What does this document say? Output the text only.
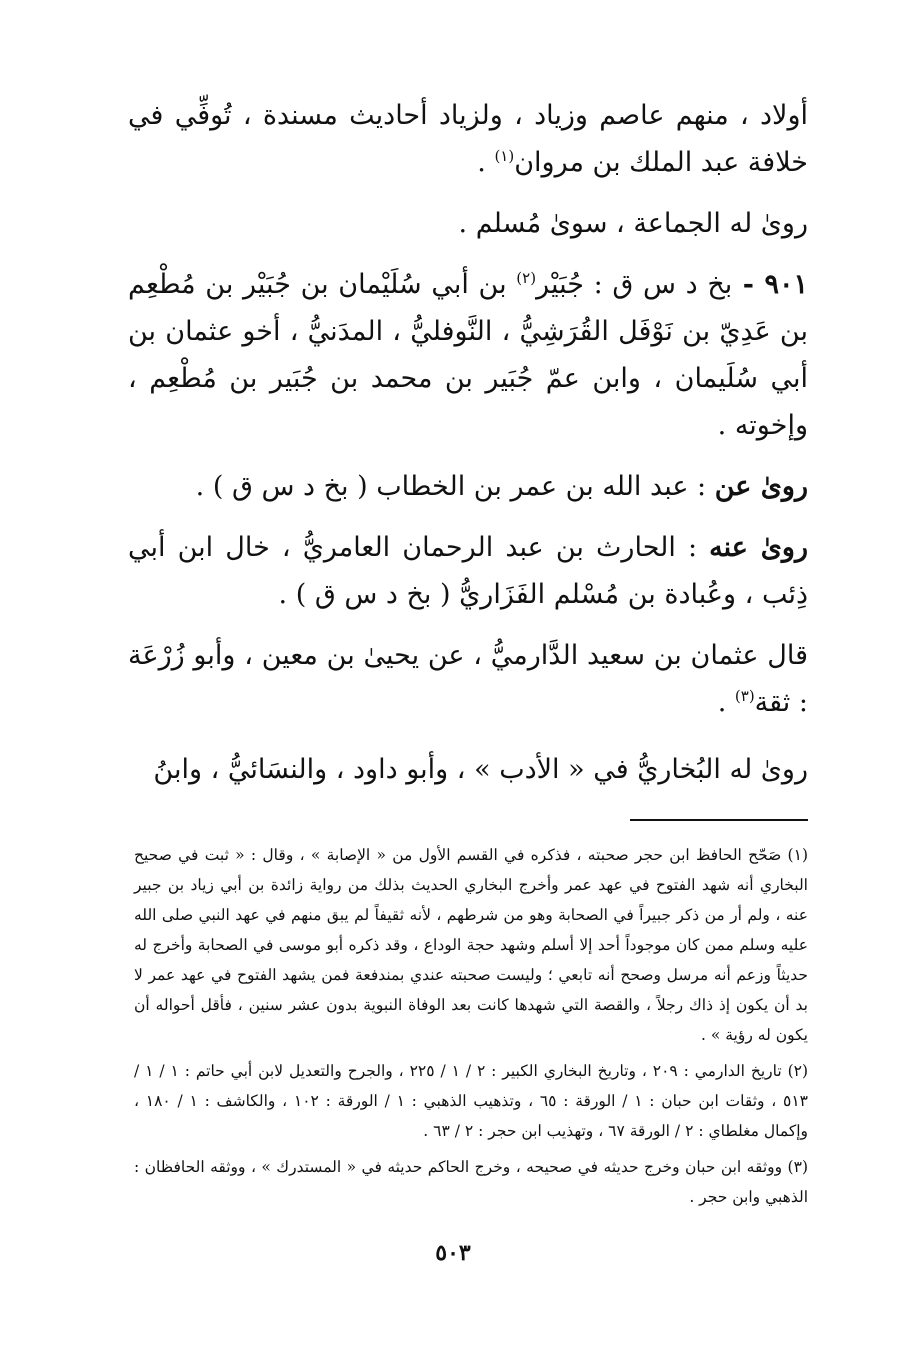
أولاد ، منهم عاصم وزياد ، ولزياد أحاديث مسندة ، تُوفِّي في خلافة عبد الملك بن مروان$^{(١)}$ .

روىٰ له الجماعة ، سوىٰ مُسلم .

٩٠١ - بخ د س ق : جُبَيْر$^{(٢)}$ بن أبي سُلَيْمان بن جُبَيْر بن مُطْعِم بن عَدِيّ بن نَوْفَل القُرَشِيُّ ، النَّوفليُّ ، المدَنيُّ ، أخو عثمان بن أبي سُلَيمان ، وابن عمّ جُبَير بن محمد بن جُبَير بن مُطْعِم ، وإخوته .

روىٰ عن : عبد الله بن عمر بن الخطاب ( بخ د س ق ) .

روىٰ عنه : الحارث بن عبد الرحمان العامريُّ ، خال ابن أبي ذِئب ، وعُبادة بن مُسْلم الفَزَاريُّ ( بخ د س ق ) .

قال عثمان بن سعيد الدَّارميُّ ، عن يحيىٰ بن معين ، وأبو زُرْعَة : ثقة$^{(٣)}$ .

روىٰ له البُخاريُّ في « الأدب » ، وأبو داود ، والنسَائيُّ ، وابنُ

(١) صَحّح الحافظ ابن حجر صحبته ، فذكره في القسم الأول من « الإصابة » ، وقال : « ثبت في صحيح البخاري أنه شهد الفتوح في عهد عمر وأخرج البخاري الحديث بذلك من رواية زائدة بن أبي زياد بن جبير عنه ، ولم أر من ذكر جبيراً في الصحابة وهو من شرطهم ، لأنه ثقيفاً لم يبق منهم في عهد النبي صلى الله عليه وسلم ممن كان موجوداً أحد إلا أسلم وشهد حجة الوداع ، وقد ذكره أبو موسى في الصحابة وأخرج له حديثاً وزعم أنه مرسل وصحح أنه تابعي ؛ وليست صحبته عندي بمندفعة فمن يشهد الفتوح في عهد عمر لا بد أن يكون إذ ذاك رجلاً ، والقصة التي شهدها كانت بعد الوفاة النبوية بدون عشر سنين ، فأقل أحواله أن يكون له رؤية » .

(٢) تاريخ الدارمي : ٢٠٩ ، وتاريخ البخاري الكبير : ٢ / ١ / ٢٢٥ ، والجرح والتعديل لابن أبي حاتم : ١ / ١ / ٥١٣ ، وثقات ابن حبان : ١ / الورقة : ٦٥ ، وتذهيب الذهبي : ١ / الورقة : ١٠٢ ، والكاشف : ١ / ١٨٠ ، وإكمال مغلطاي : ٢ / الورقة ٦٧ ، وتهذيب ابن حجر : ٢ / ٦٣ .

(٣) ووثقه ابن حبان وخرج حديثه في صحيحه ، وخرج الحاكم حديثه في « المستدرك » ، ووثقه الحافظان : الذهبي وابن حجر .

٥٠٣
